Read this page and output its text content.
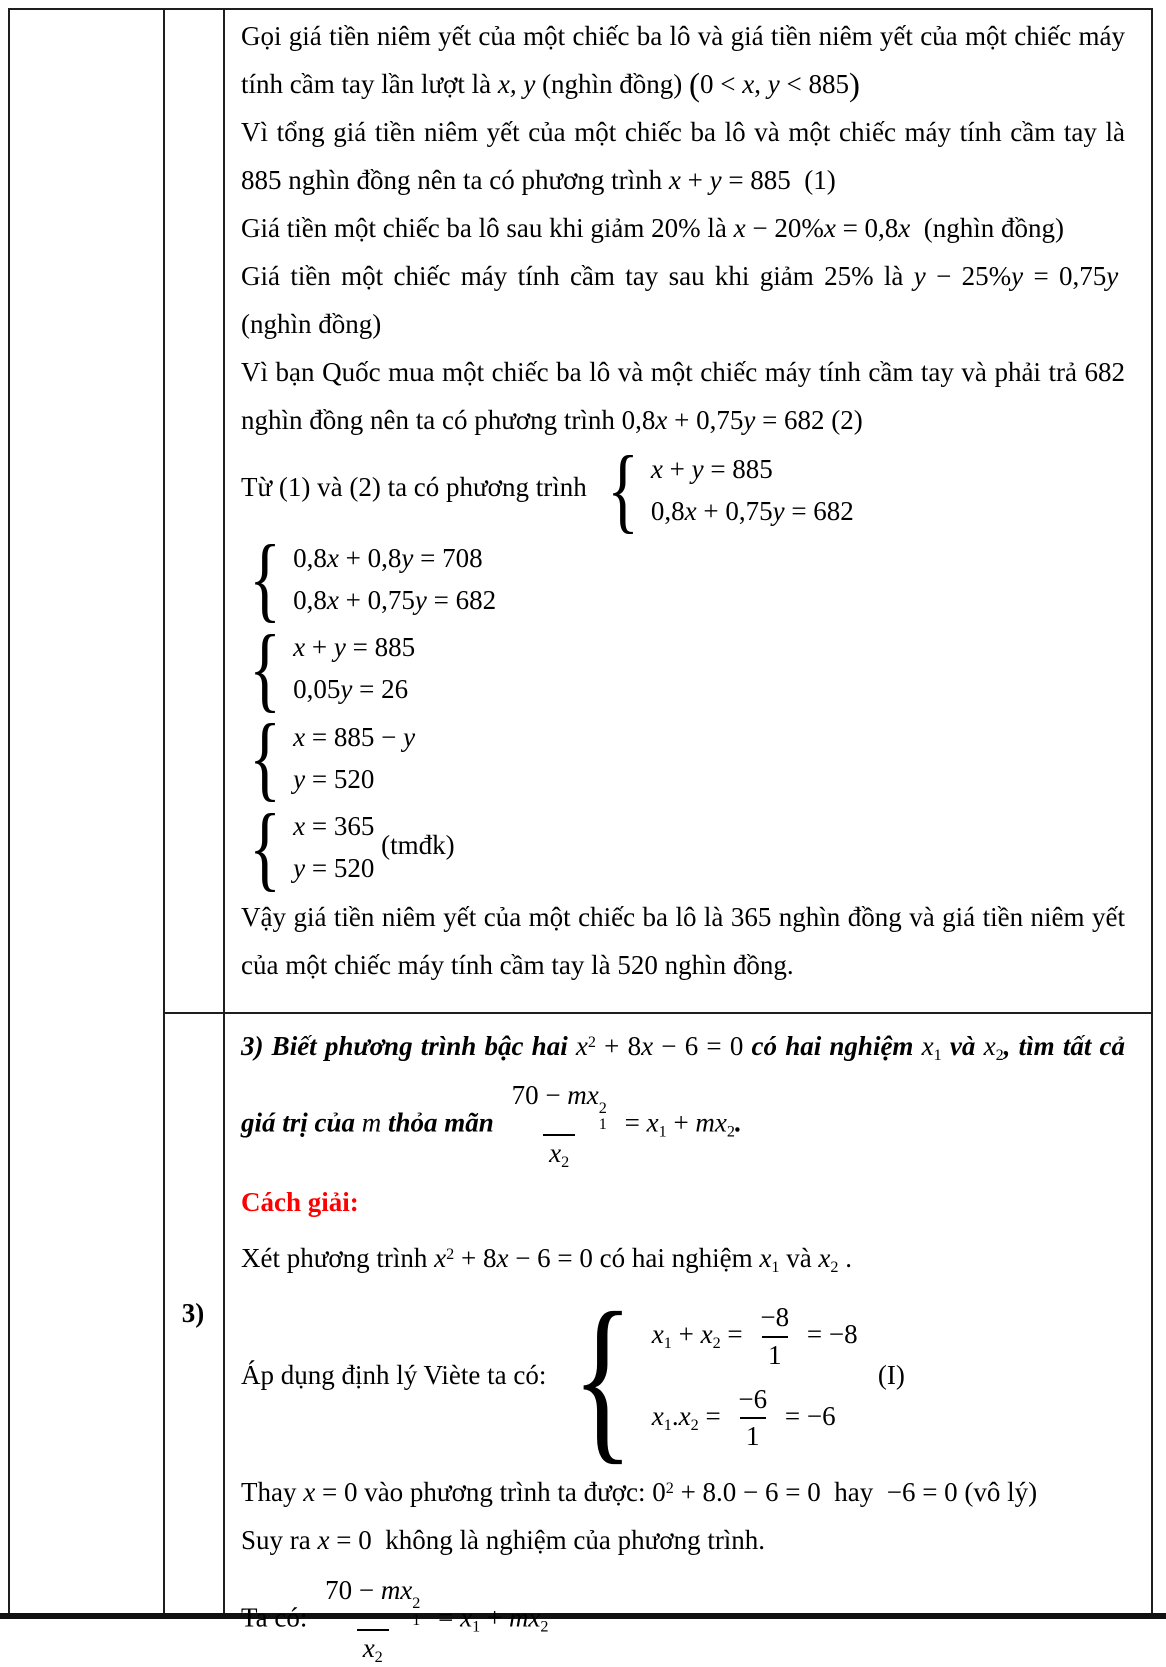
3)
Gọi giá tiền niêm yết của một chiếc ba lô và giá tiền niêm yết của một chiếc máy tính cầm tay lần lượt là x, y (nghìn đồng) (0 < x, y < 885)
Vì tổng giá tiền niêm yết của một chiếc ba lô và một chiếc máy tính cầm tay là 885 nghìn đồng nên ta có phương trình x + y = 885  (1)
Giá tiền một chiếc ba lô sau khi giảm 20% là x − 20%x = 0,8x  (nghìn đồng)
Giá tiền một chiếc máy tính cầm tay sau khi giảm 25% là y − 25%y = 0,75y  (nghìn đồng)
Vì bạn Quốc mua một chiếc ba lô và một chiếc máy tính cầm tay và phải trả 682 nghìn đồng nên ta có phương trình 0,8x + 0,75y = 682 (2)
Từ (1) và (2) ta có phương trình { x + y = 885
0,8x + 0,75y = 682
{ 0,8x + 0,8y = 708
0,8x + 0,75y = 682
{ x + y = 885
0,05y = 26
{ x = 885 − y
y = 520
{ x = 365
y = 520
(tmđk)
Vậy giá tiền niêm yết của một chiếc ba lô là 365 nghìn đồng và giá tiền niêm yết của một chiếc máy tính cầm tay là 520 nghìn đồng.
3) Biết phương trình bậc hai $x^2 + 8x - 6 = 0$ có hai nghiệm x1 và x2, tìm tất cả giá trị của m thỏa mãn 70 − mx 2
1
x2 = x1 + mx2.
Cách giải:
Xét phương trình $x^2 + 8x - 6 = 0$ có hai nghiệm x1 và x2 .
Áp dụng định lý Viète ta có: { $x1 + x2 = \frac{-8}{1} = -8$
$x1.x2 = \frac{-6}{1} = -6$
(I)
Thay x = 0 vào phương trình ta được: $0^2 + 8.0 - 6 = 0$  hay  −6 = 0 (vô lý)
Suy ra x = 0  không là nghiệm của phương trình.
Ta có: 70 − mx 2
1
x2 = x1 + mx2
